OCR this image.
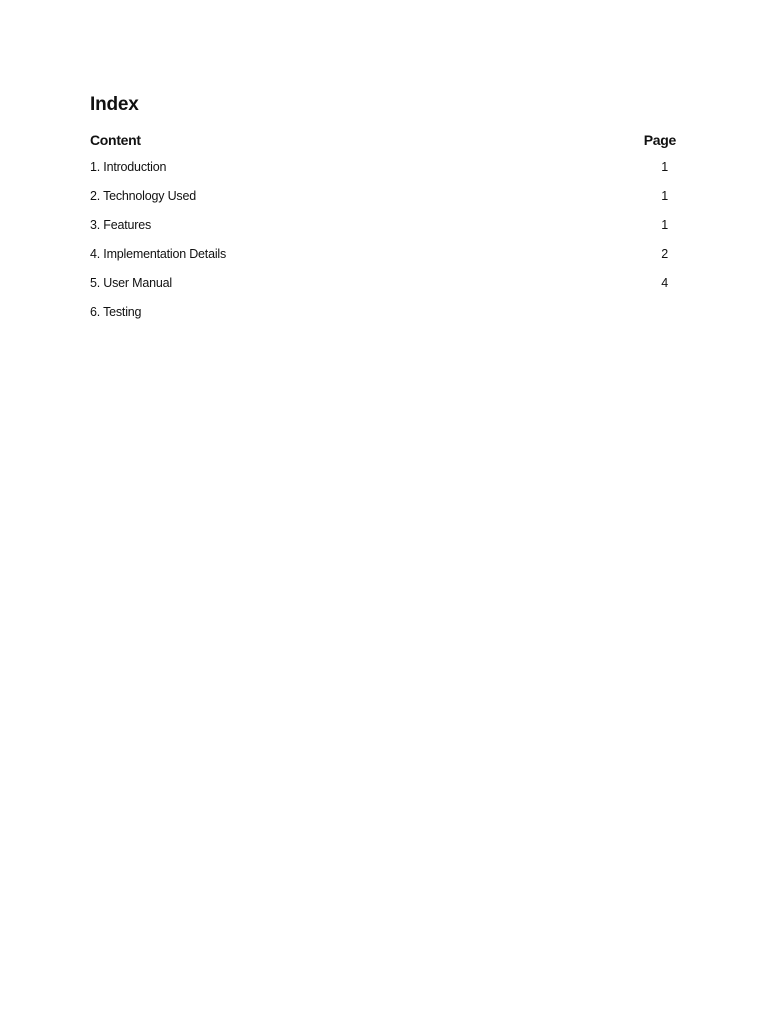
Index
Content	Page
1. Introduction	1
2. Technology Used	1
3. Features	1
4. Implementation Details	2
5. User Manual	4
6. Testing	
